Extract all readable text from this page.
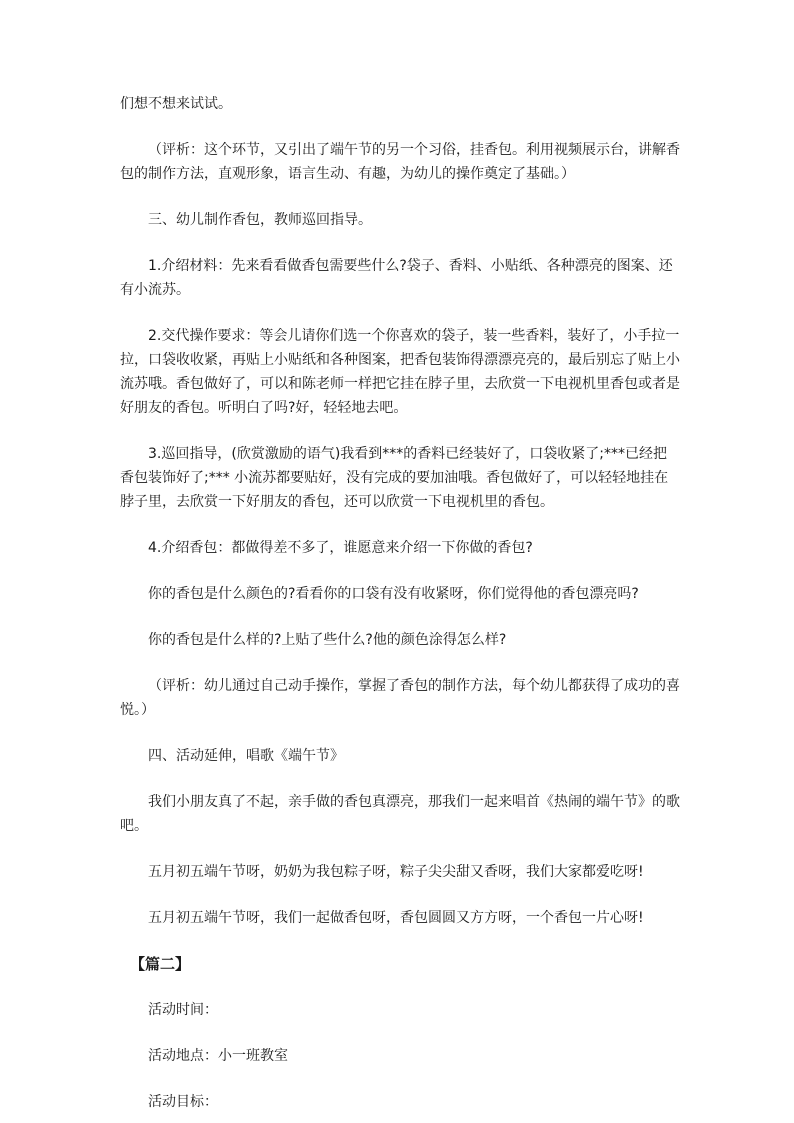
们想不想来试试。

（评析：这个环节，又引出了端午节的另一个习俗，挂香包。利用视频展示台，讲解香包的制作方法，直观形象，语言生动、有趣，为幼儿的操作奠定了基础。）

三、幼儿制作香包，教师巡回指导。

1.介绍材料：先来看看做香包需要些什么?袋子、香料、小贴纸、各种漂亮的图案、还有小流苏。

2.交代操作要求：等会儿请你们选一个你喜欢的袋子，装一些香料，装好了，小手拉一拉，口袋收收紧，再贴上小贴纸和各种图案，把香包装饰得漂漂亮亮的，最后别忘了贴上小流苏哦。香包做好了，可以和陈老师一样把它挂在脖子里，去欣赏一下电视机里香包或者是好朋友的香包。听明白了吗?好，轻轻地去吧。

3.巡回指导，(欣赏激励的语气)我看到***的香料已经装好了，口袋收紧了;***已经把香包装饰好了;*** 小流苏都要贴好，没有完成的要加油哦。香包做好了，可以轻轻地挂在脖子里，去欣赏一下好朋友的香包，还可以欣赏一下电视机里的香包。

4.介绍香包：都做得差不多了，谁愿意来介绍一下你做的香包?

你的香包是什么颜色的?看看你的口袋有没有收紧呀，你们觉得他的香包漂亮吗?

你的香包是什么样的?上贴了些什么?他的颜色涂得怎么样?

（评析：幼儿通过自己动手操作，掌握了香包的制作方法，每个幼儿都获得了成功的喜悦。）

四、活动延伸，唱歌《端午节》

我们小朋友真了不起，亲手做的香包真漂亮，那我们一起来唱首《热闹的端午节》的歌吧。

五月初五端午节呀，奶奶为我包粽子呀，粽子尖尖甜又香呀，我们大家都爱吃呀!

五月初五端午节呀，我们一起做香包呀，香包圆圆又方方呀，一个香包一片心呀!

【篇二】

活动时间：

活动地点：小一班教室

活动目标：
